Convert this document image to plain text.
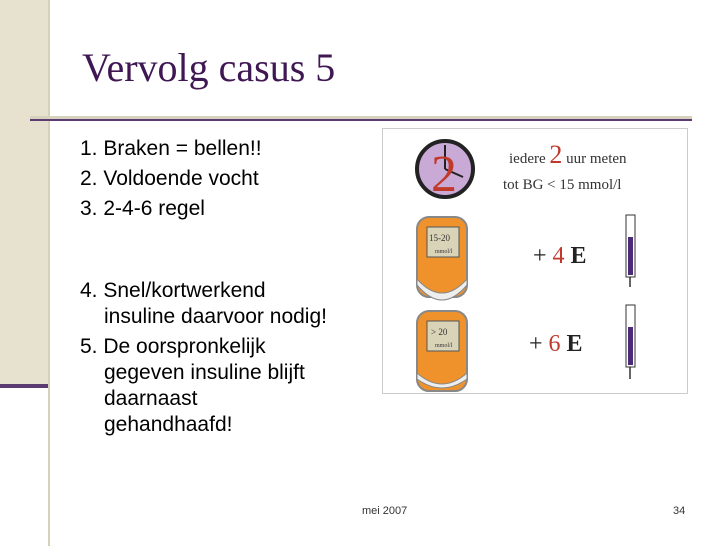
Vervolg casus 5
1. Braken = bellen!!
2. Voldoende vocht
3. 2-4-6 regel
4. Snel/kortwerkend
insuline daarvoor nodig!
5. De oorspronkelijk
gegeven insuline blijft
daarnaast
gehandhaafd!
2	iedere 2 uur meten
tot BG < 15 mmol/l
15-20
mmol/l	+ 4 E
> 20
mmol/l	+ 6 E
mei 2007	34
